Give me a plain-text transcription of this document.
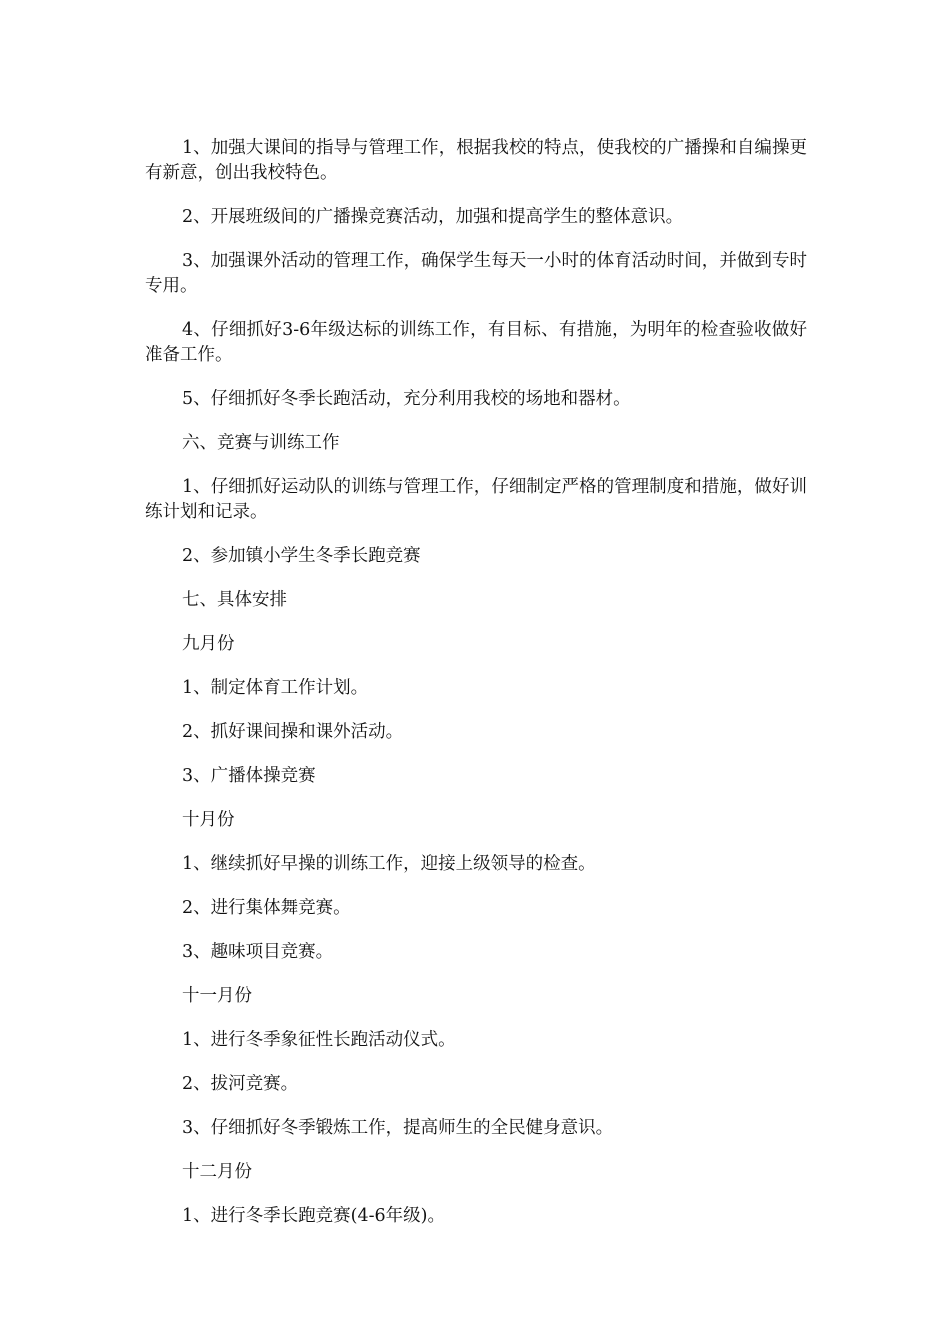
1、加强大课间的指导与管理工作，根据我校的特点，使我校的广播操和自编操更有新意，创出我校特色。

2、开展班级间的广播操竞赛活动，加强和提高学生的整体意识。

3、加强课外活动的管理工作，确保学生每天一小时的体育活动时间，并做到专时专用。

4、仔细抓好3-6年级达标的训练工作，有目标、有措施，为明年的检查验收做好准备工作。

5、仔细抓好冬季长跑活动，充分利用我校的场地和器材。

六、竞赛与训练工作

1、仔细抓好运动队的训练与管理工作，仔细制定严格的管理制度和措施，做好训练计划和记录。

2、参加镇小学生冬季长跑竞赛

七、具体安排

九月份

1、制定体育工作计划。

2、抓好课间操和课外活动。

3、广播体操竞赛

十月份

1、继续抓好早操的训练工作，迎接上级领导的检查。

2、进行集体舞竞赛。

3、趣味项目竞赛。

十一月份

1、进行冬季象征性长跑活动仪式。

2、拔河竞赛。

3、仔细抓好冬季锻炼工作，提高师生的全民健身意识。

十二月份

1、进行冬季长跑竞赛(4-6年级)。
